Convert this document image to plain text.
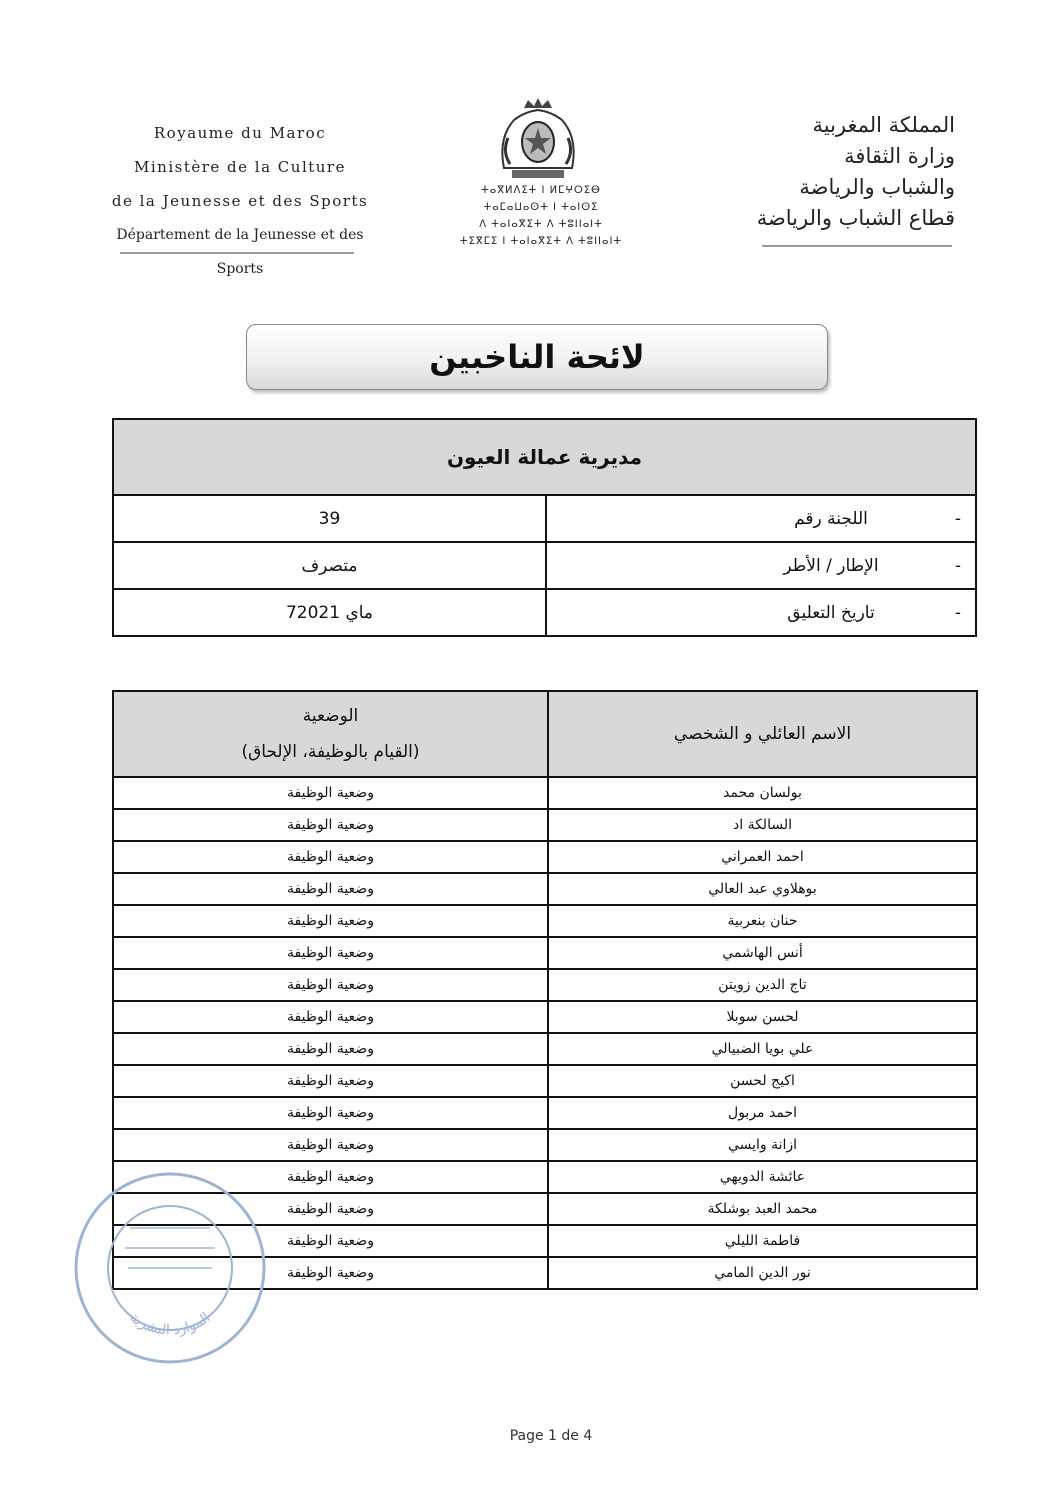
Royaume du Maroc
Ministère de la Culture
de la Jeunesse et des Sports
Département de la Jeunesse et des Sports
ⵜⴰⴳⵍⴷⵉⵜ ⵏ ⵍⵎⵖⵔⵉⴱ
ⵜⴰⵎⴰⵡⴰⵙⵜ ⵏ ⵜⴰⵏⵙⵉ
ⴷ ⵜⴰⵏⴰⴳⵉⵜ ⴷ ⵜⵓⵏⵏⴰⵏⵜ
ⵜⵉⴳⵎⵉ ⵏ ⵜⴰⵏⴰⴳⵉⵜ ⴷ ⵜⵓⵏⵏⴰⵏⵜ
المملكة المغربية
وزارة الثقافة
والشباب والرياضة
قطاع الشباب والرياضة
لائحة الناخبين
مديرية عمالة العيون	
39	-اللجنة رقم
متصرف	-الإطار / الأطر
7ماي 2021	-تاريخ التعليق
الوضعية
(القيام بالوظيفة، الإلحاق)	الاسم العائلي و الشخصي
وضعية الوظيفة	بولسان محمد
وضعية الوظيفة	السالكة اد
وضعية الوظيفة	احمد العمراني
وضعية الوظيفة	بوهلاوي عبد العالي
وضعية الوظيفة	حنان بنعربية
وضعية الوظيفة	أنس الهاشمي
وضعية الوظيفة	تاج الدين زويتن
وضعية الوظيفة	لحسن سوبلا
وضعية الوظيفة	علي بويا الضبيالي
وضعية الوظيفة	اكيج لحسن
وضعية الوظيفة	احمد مربول
وضعية الوظيفة	ازانة وايسي
وضعية الوظيفة	عائشة الدويهي
وضعية الوظيفة	محمد العبد بوشلكة
وضعية الوظيفة	فاطمة الليلي
وضعية الوظيفة	نور الدين المامي
الموارد البشرية
Page 1 de 4
